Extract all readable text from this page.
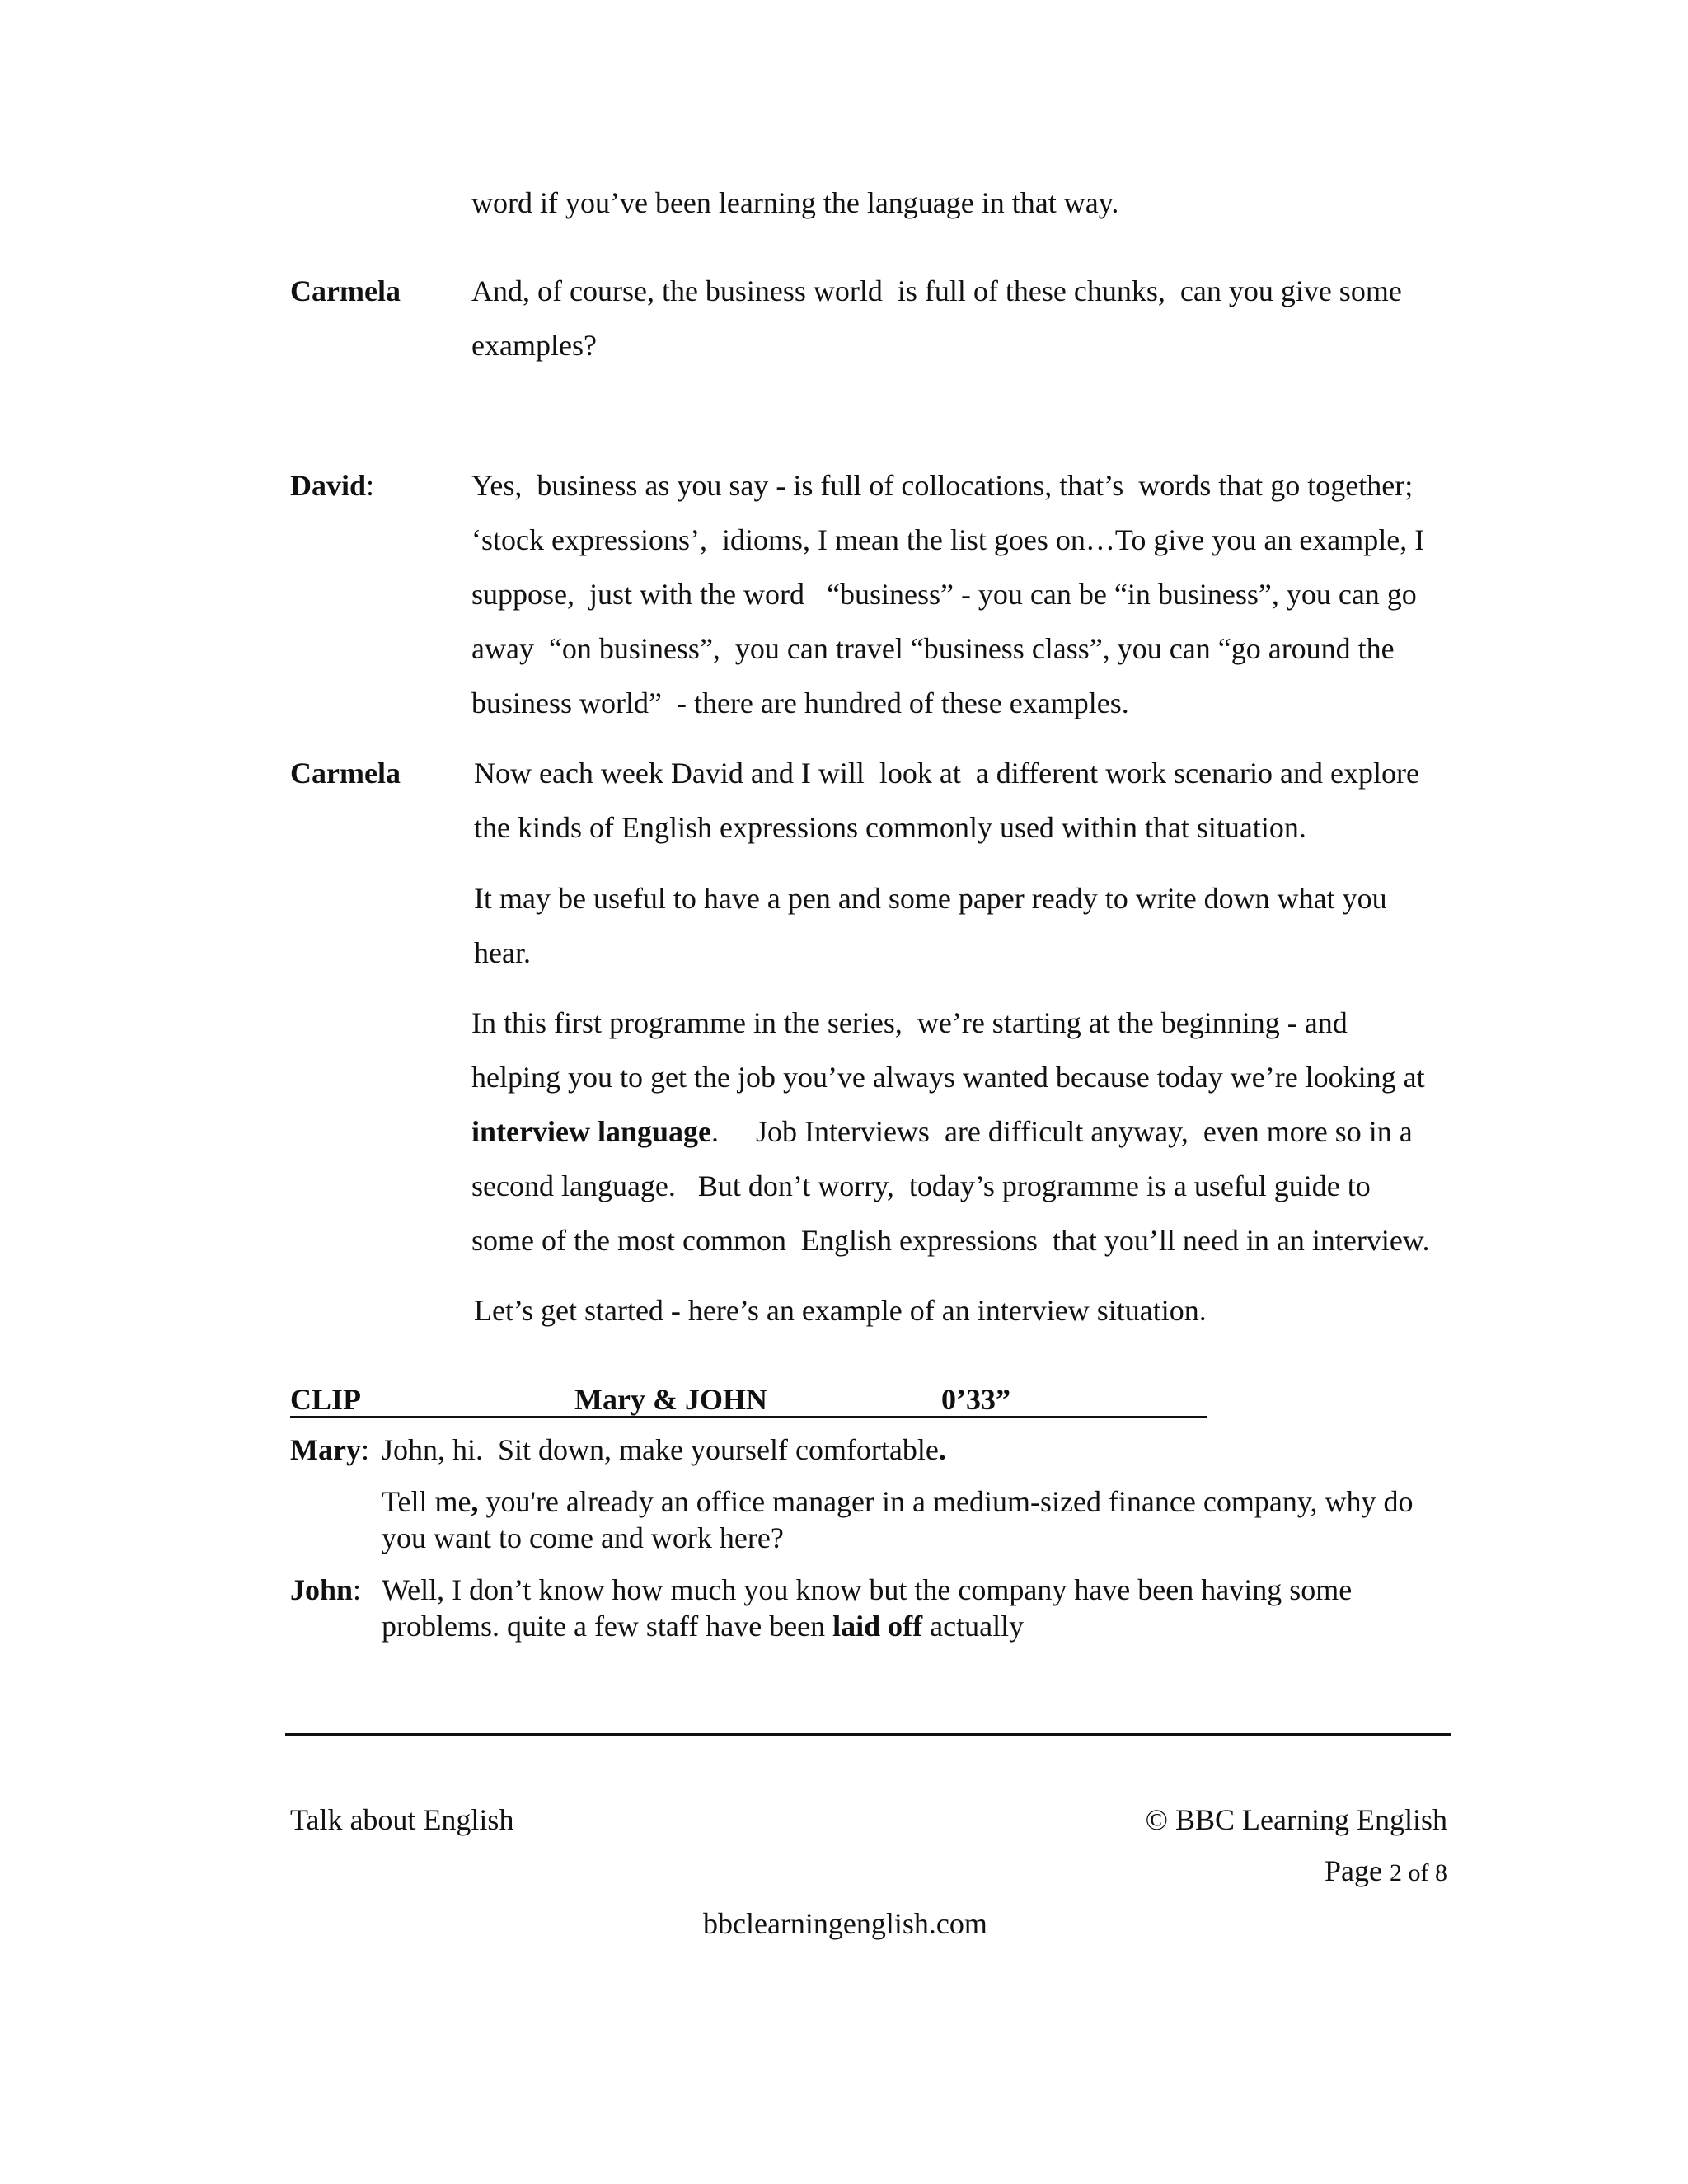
word if you’ve been learning the language in that way.

Carmela And, of course, the business world  is full of these chunks,  can you give some

examples?

David:	Yes,  business as you say - is full of collocations, that’s  words that go together;

‘stock expressions’,  idioms, I mean the list goes on…To give you an example, I

suppose,  just with the word   “business” - you can be “in business”, you can go

away  “on business”,  you can travel “business class”, you can “go around the

business world”  - there are hundred of these examples.

Carmela Now each week David and I will  look at  a different work scenario and explore

the kinds of English expressions commonly used within that situation.

It may be useful to have a pen and some paper ready to write down what you

hear.

In this first programme in the series,  we’re starting at the beginning - and

helping you to get the job you’ve always wanted because today we’re looking at

interview language.     Job Interviews  are difficult anyway,  even more so in a

second language.   But don’t worry,  today’s programme is a useful guide to

some of the most common  English expressions  that you’ll need in an interview.

Let’s get started - here’s an example of an interview situation.

CLIP	Mary & JOHN	0’33”
Mary: John, hi.  Sit down, make yourself comfortable.

Tell me, you're already an office manager in a medium-sized finance company, why do

you want to come and work here?

John: Well, I don’t know how much you know but the company have been having some

problems. quite a few staff have been laid off actually

Talk about English	© BBC Learning English
Page 2 of 8
bbclearningenglish.com
